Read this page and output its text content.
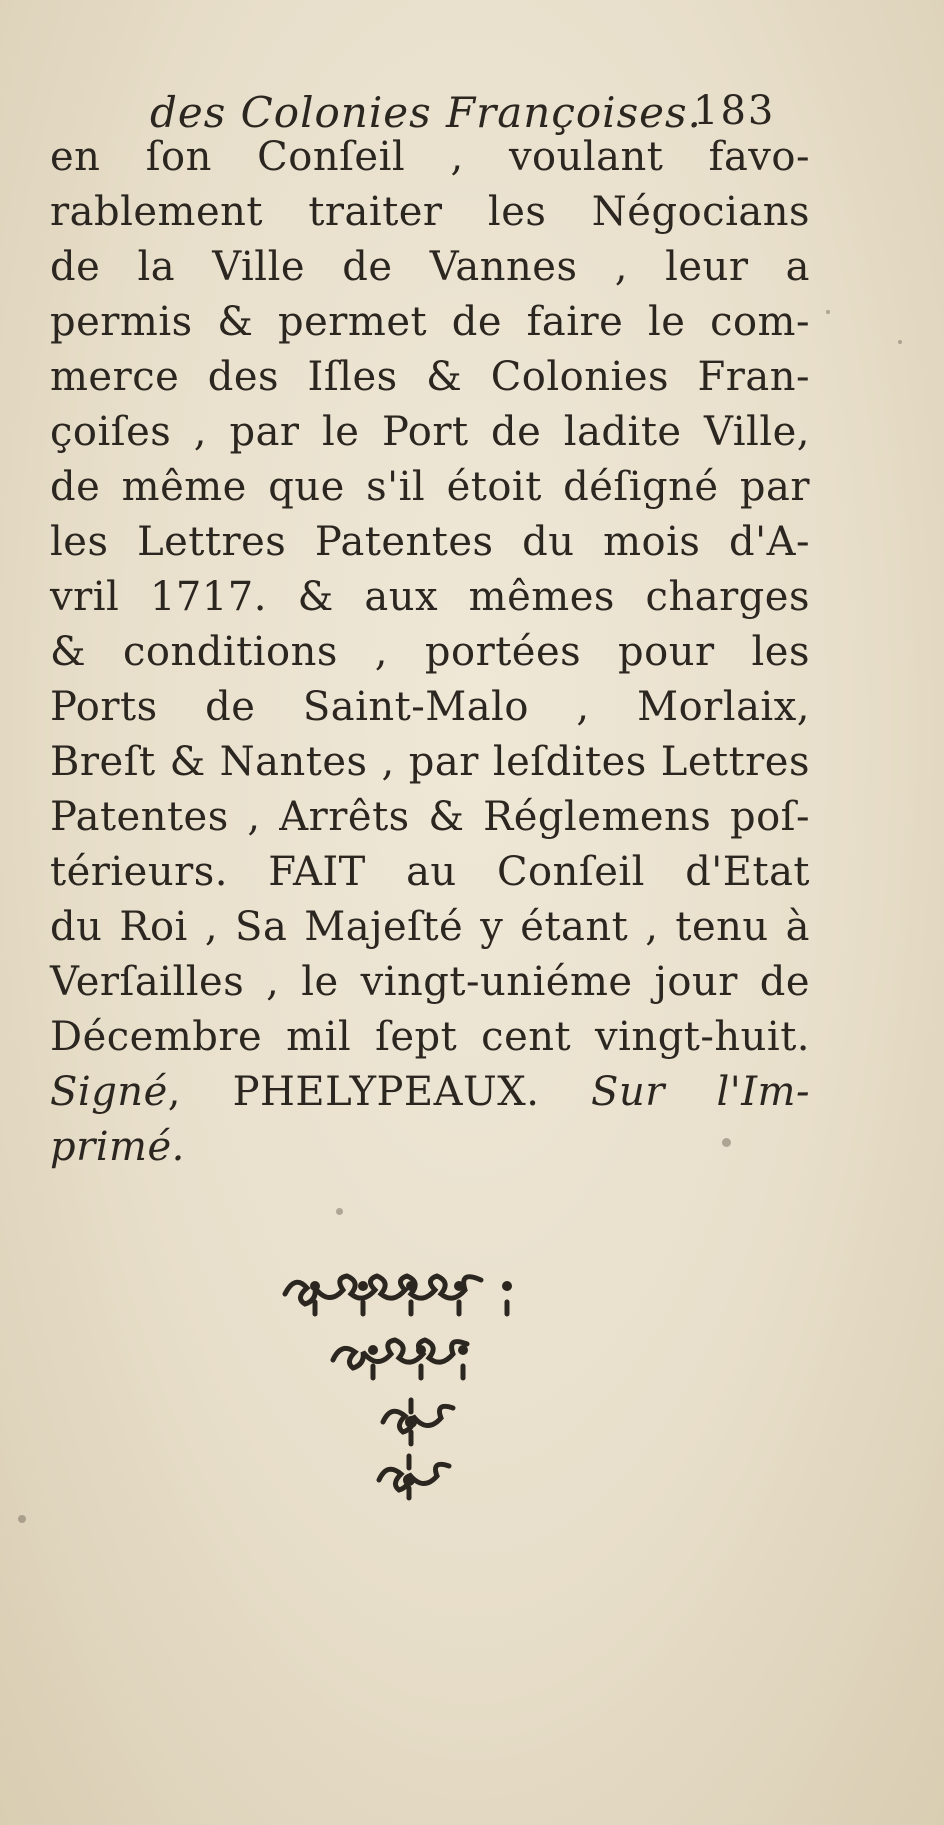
des Colonies Françoises.
183
en ſon Conſeil , voulant favo-
rablement traiter les Négocians
de la Ville de Vannes , leur a
permis & permet de faire le com-
merce des Iſles & Colonies Fran-
çoiſes , par le Port de ladite Ville,
de même que s'il étoit déſigné par
les Lettres Patentes du mois d'A-
vril 1717. & aux mêmes charges
& conditions , portées pour les
Ports de Saint-Malo , Morlaix,
Breſt & Nantes , par leſdites Lettres
Patentes , Arrêts & Réglemens poſ-
térieurs. FAIT au Conſeil d'Etat
du Roi , Sa Majeſté y étant , tenu à
Verſailles , le vingt-uniéme jour de
Décembre mil ſept cent vingt-huit.
Signé, PHELYPEAUX. Sur l'Im-
primé.
